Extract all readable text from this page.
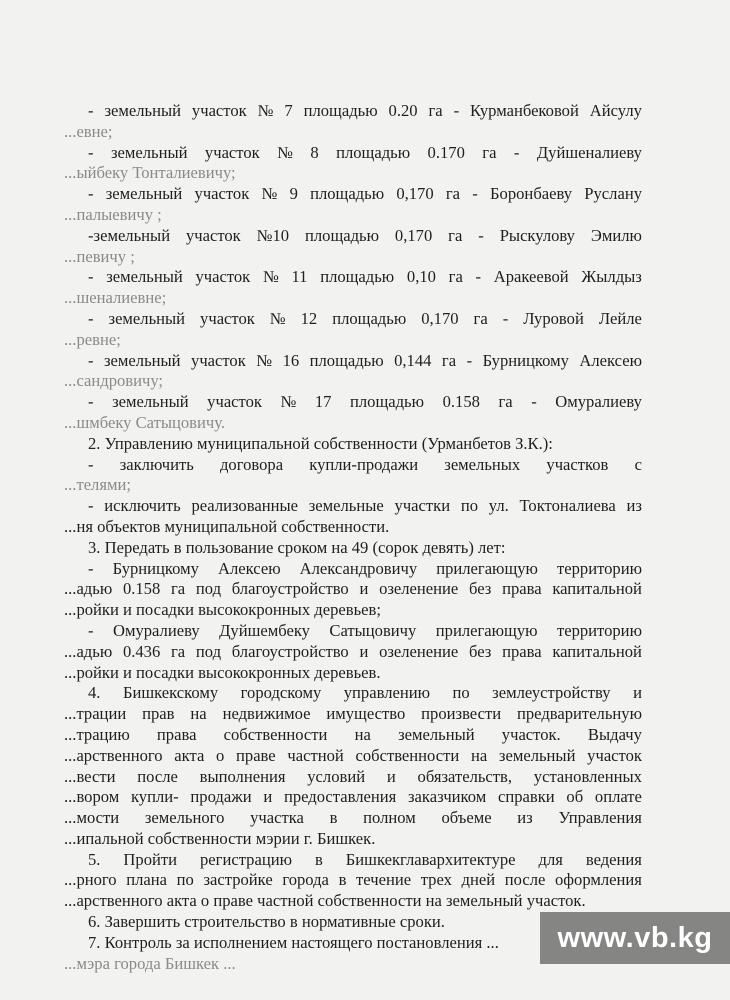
- земельный участок № 7 площадью 0.20 га - Курманбековой Айсулу
...евне;
- земельный участок № 8 площадью 0.170 га - Дуйшеналиеву
...ыйбеку Тонталиевичу;
- земельный участок № 9 площадью 0,170 га - Боронбаеву Руслану
...палыевичу ;
-земельный участок №10 площадью 0,170 га - Рыскулову Эмилю
...певичу ;
- земельный участок № 11 площадью 0,10 га - Аракеевой Жылдыз
...шеналиевне;
- земельный участок № 12 площадью 0,170 га - Луровой Лейле
...ревне;
- земельный участок № 16 площадью 0,144 га - Бурницкому Алексею
...сандровичу;
- земельный участок № 17 площадью 0.158 га - Омуралиеву
...шмбеку Сатыцовичу.
2. Управлению муниципальной собственности (Урманбетов З.К.):
- заключить договора купли-продажи земельных участков с
...телями;
- исключить реализованные земельные участки по ул. Токтоналиева из
...ня объектов муниципальной собственности.
3. Передать в пользование сроком на 49 (сорок девять) лет:
- Бурницкому Алексею Александровичу прилегающую территорию
...адью 0.158 га под благоустройство и озеленение без права капитальной
...ройки и посадки высококронных деревьев;
- Омуралиеву Дуйшембеку Сатыцовичу прилегающую территорию
...адью 0.436 га под благоустройство и озеленение без права капитальной
...ройки и посадки высококронных деревьев.
4. Бишкекскому городскому управлению по землеустройству и
...трации прав на недвижимое имущество произвести предварительную
...трацию права собственности на земельный участок. Выдачу
...арственного акта о праве частной собственности на земельный участок
...вести после выполнения условий и обязательств, установленных
...вором купли- продажи и предоставления заказчиком справки об оплате
...мости земельного участка в полном объеме из Управления
...ипальной собственности мэрии г. Бишкек.
5. Пройти регистрацию в Бишкекглавархитектуре для ведения
...рного плана по застройке города в течение трех дней после оформления
...арственного акта о праве частной собственности на земельный участок.
6. Завершить строительство в нормативные сроки.
7. Контроль за исполнением настоящего постановления ...
...мэра города Бишкек ...
www.vb.kg
